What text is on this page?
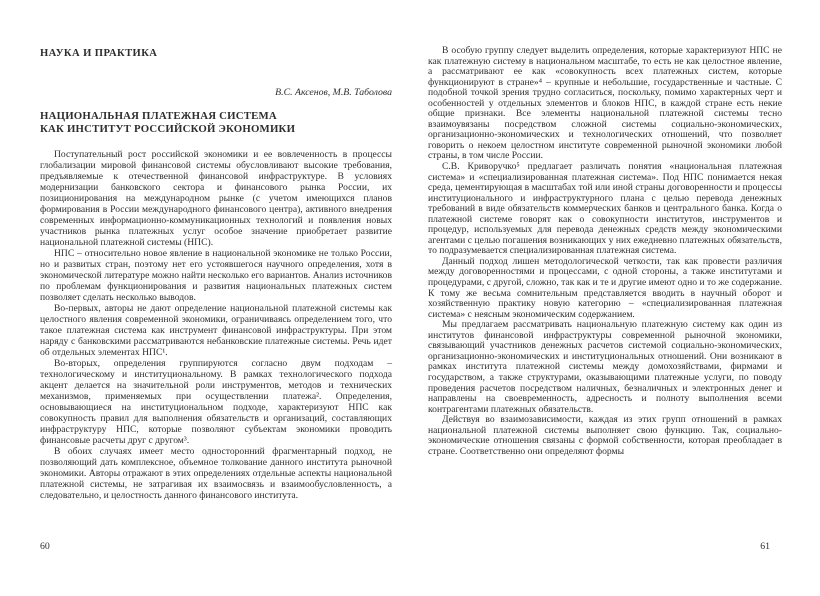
НАУКА И ПРАКТИКА
В.С. Аксенов, М.В. Таболова
НАЦИОНАЛЬНАЯ ПЛАТЕЖНАЯ СИСТЕМА
КАК ИНСТИТУТ РОССИЙСКОЙ ЭКОНОМИКИ

Поступательный рост российской экономики и ее вовлеченность в процессы глобализации мировой финансовой системы обусловливают высокие требования, предъявляемые к отечественной финансовой инфраструктуре. В условиях модернизации банковского сектора и финансового рынка России, их позиционирования на международном рынке (с учетом имеющихся планов формирования в России международного финансового центра), активного внедрения современных информационно-коммуникационных технологий и появления новых участников рынка платежных услуг особое значение приобретает развитие национальной платежной системы (НПС).

НПС – относительно новое явление в национальной экономике не только России, но и развитых стран, поэтому нет его устоявшегося научного определения, хотя в экономической литературе можно найти несколько его вариантов. Анализ источников по проблемам функционирования и развития национальных платежных систем позволяет сделать несколько выводов.

Во-первых, авторы не дают определение национальной платежной системы как целостного явления современной экономики, ограничиваясь определением того, что такое платежная система как инструмент финансовой инфраструктуры. При этом наряду с банковскими рассматриваются небанковские платежные системы. Речь идет об отдельных элементах НПС¹.

Во-вторых, определения группируются согласно двум подходам – технологическому и институциональному. В рамках технологического подхода акцент делается на значительной роли инструментов, методов и технических механизмов, применяемых при осуществлении платежа². Определения, основывающиеся на институциональном подходе, характеризуют НПС как совокупность правил для выполнения обязательств и организаций, составляющих инфраструктуру НПС, которые позволяют субъектам экономики проводить финансовые расчеты друг с другом³.

В обоих случаях имеет место односторонний фрагментарный подход, не позволяющий дать комплексное, объемное толкование данного института рыночной экономики. Авторы отражают в этих определениях отдельные аспекты национальной платежной системы, не затрагивая их взаимосвязь и взаимообусловленность, а следовательно, и целостность данного финансового института.

В особую группу следует выделить определения, которые характеризуют НПС не как платежную систему в национальном масштабе, то есть не как целостное явление, а рассматривают ее как «совокупность всех платежных систем, которые функционируют в стране»⁴ – крупные и небольшие, государственные и частные. С подобной точкой зрения трудно согласиться, поскольку, помимо характерных черт и особенностей у отдельных элементов и блоков НПС, в каждой стране есть некие общие признаки. Все элементы национальной платежной системы тесно взаимоувязаны посредством сложной системы социально-экономических, организационно-экономических и технологических отношений, что позволяет говорить о некоем целостном институте современной рыночной экономики любой страны, в том числе России.

С.В. Криворучко⁵ предлагает различать понятия «национальная платежная система» и «специализированная платежная система». Под НПС понимается некая среда, цементирующая в масштабах той или иной страны договоренности и процессы институционального и инфраструктурного плана с целью перевода денежных требований в виде обязательств коммерческих банков и центрального банка. Когда о платежной системе говорят как о совокупности институтов, инструментов и процедур, используемых для перевода денежных средств между экономическими агентами с целью погашения возникающих у них ежедневно платежных обязательств, то подразумевается специализированная платежная система.

Данный подход лишен методологической четкости, так как провести различия между договоренностями и процессами, с одной стороны, а также институтами и процедурами, с другой, сложно, так как и те и другие имеют одно и то же содержание. К тому же весьма сомнительным представляется вводить в научный оборот и хозяйственную практику новую категорию – «специализированная платежная система» с неясным экономическим содержанием.

Мы предлагаем рассматривать национальную платежную систему как один из институтов финансовой инфраструктуры современной рыночной экономики, связывающий участников денежных расчетов системой социально-экономических, организационно-экономических и институциональных отношений. Они возникают в рамках института платежной системы между домохозяйствами, фирмами и государством, а также структурами, оказывающими платежные услуги, по поводу проведения расчетов посредством наличных, безналичных и электронных денег и направлены на своевременность, адресность и полноту выполнения всеми контрагентами платежных обязательств.

Действуя во взаимозависимости, каждая из этих групп отношений в рамках национальной платежной системы выполняет свою функцию. Так, социально-экономические отношения связаны с формой собственности, которая преобладает в стране. Соответственно они определяют формы

60	61
